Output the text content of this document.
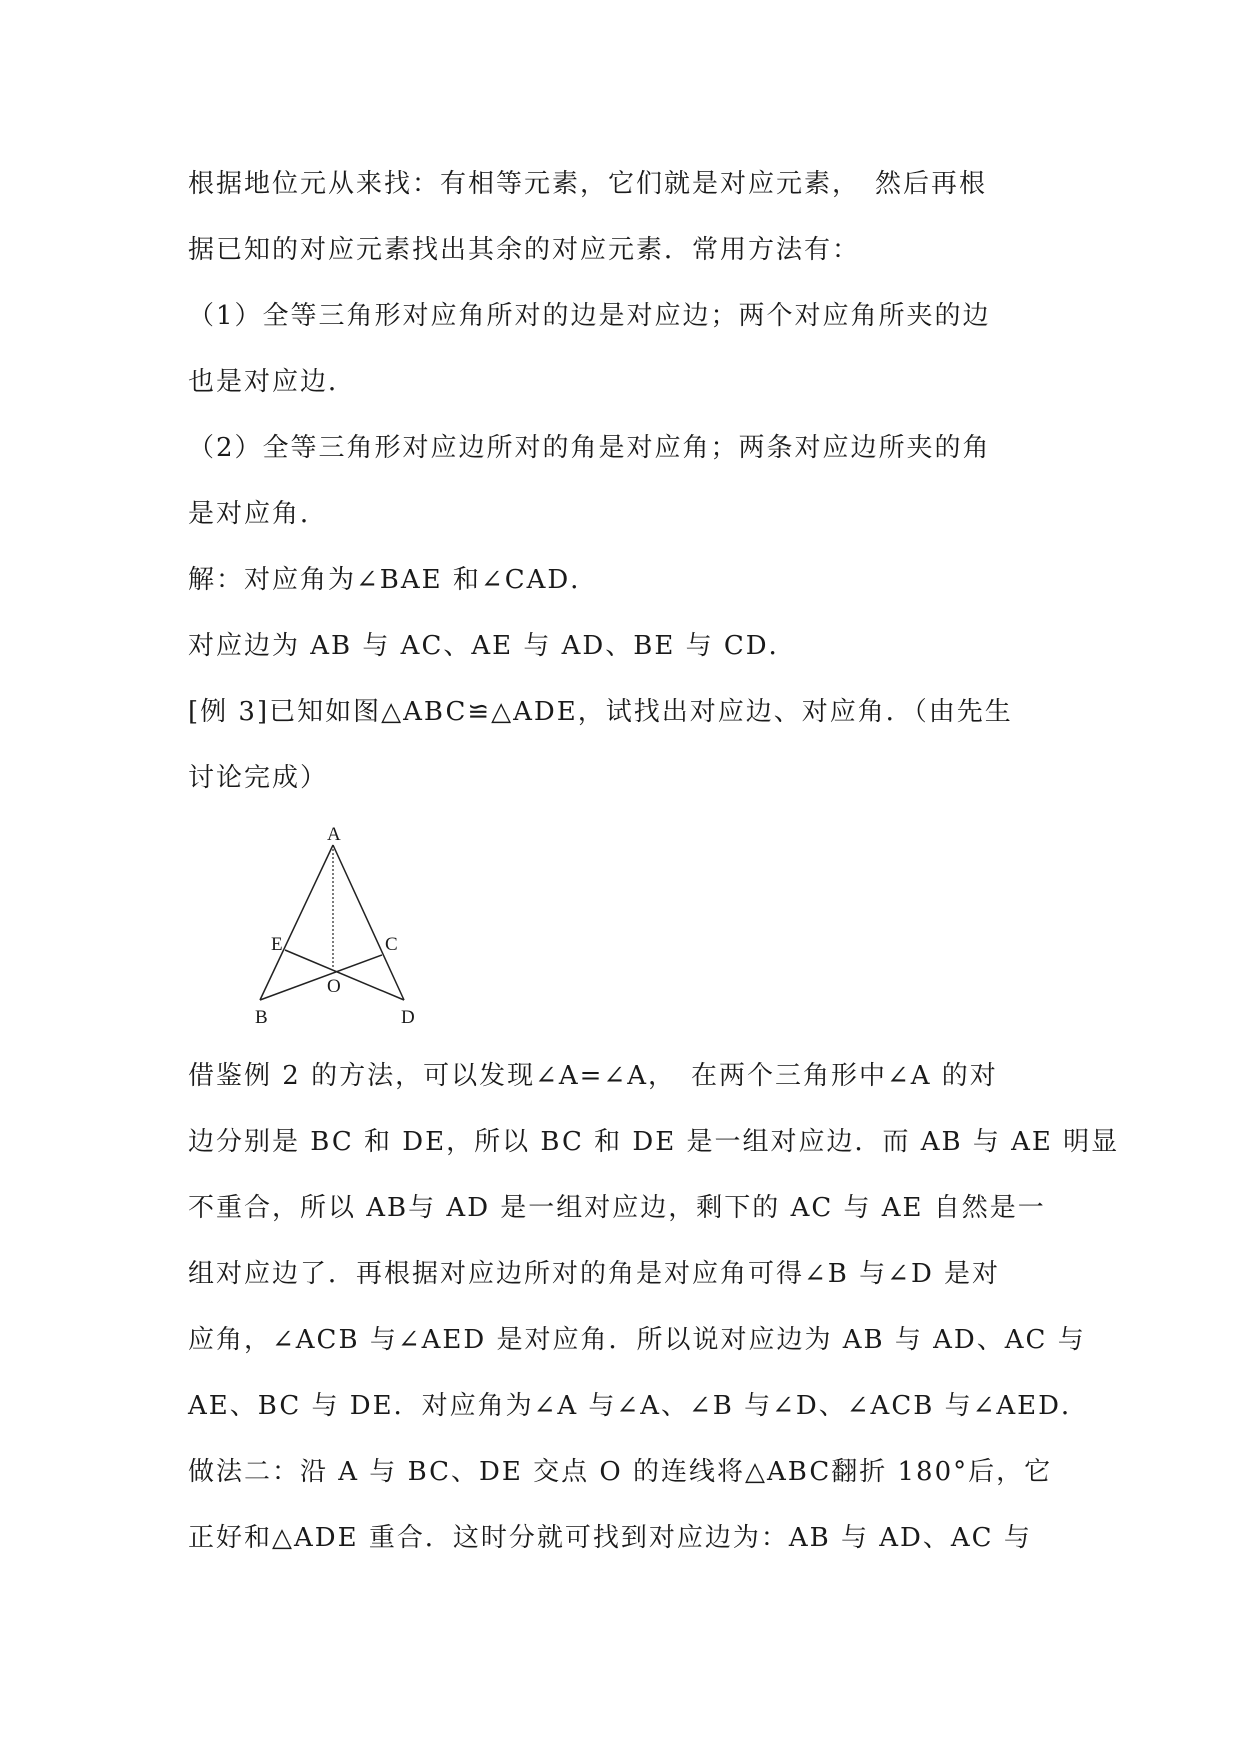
根据地位元从来找：有相等元素，它们就是对应元素，　然后再根
据已知的对应元素找出其余的对应元素．常用方法有：
（1）全等三角形对应角所对的边是对应边；两个对应角所夹的边
也是对应边．
（2）全等三角形对应边所对的角是对应角；两条对应边所夹的角
是对应角．
解：对应角为∠BAE 和∠CAD．
对应边为 AB 与 AC、AE 与 AD、BE 与 CD．
[例 3]已知如图△ABC≌△ADE，试找出对应边、对应角．（由先生
讨论完成）
A
B
C
D
E
O
借鉴例 2 的方法，可以发现∠A=∠A，　在两个三角形中∠A 的对
边分别是 BC 和 DE，所以 BC 和 DE 是一组对应边．而 AB 与 AE 明显
不重合，所以 AB与 AD 是一组对应边，剩下的 AC 与 AE 自然是一
组对应边了．再根据对应边所对的角是对应角可得∠B 与∠D 是对
应角，∠ACB 与∠AED 是对应角．所以说对应边为 AB 与 AD、AC 与
AE、BC 与 DE．对应角为∠A 与∠A、∠B 与∠D、∠ACB 与∠AED．
做法二：沿 A 与 BC、DE 交点 O 的连线将△ABC翻折 180°后，它
正好和△ADE 重合．这时分就可找到对应边为：AB 与 AD、AC 与
